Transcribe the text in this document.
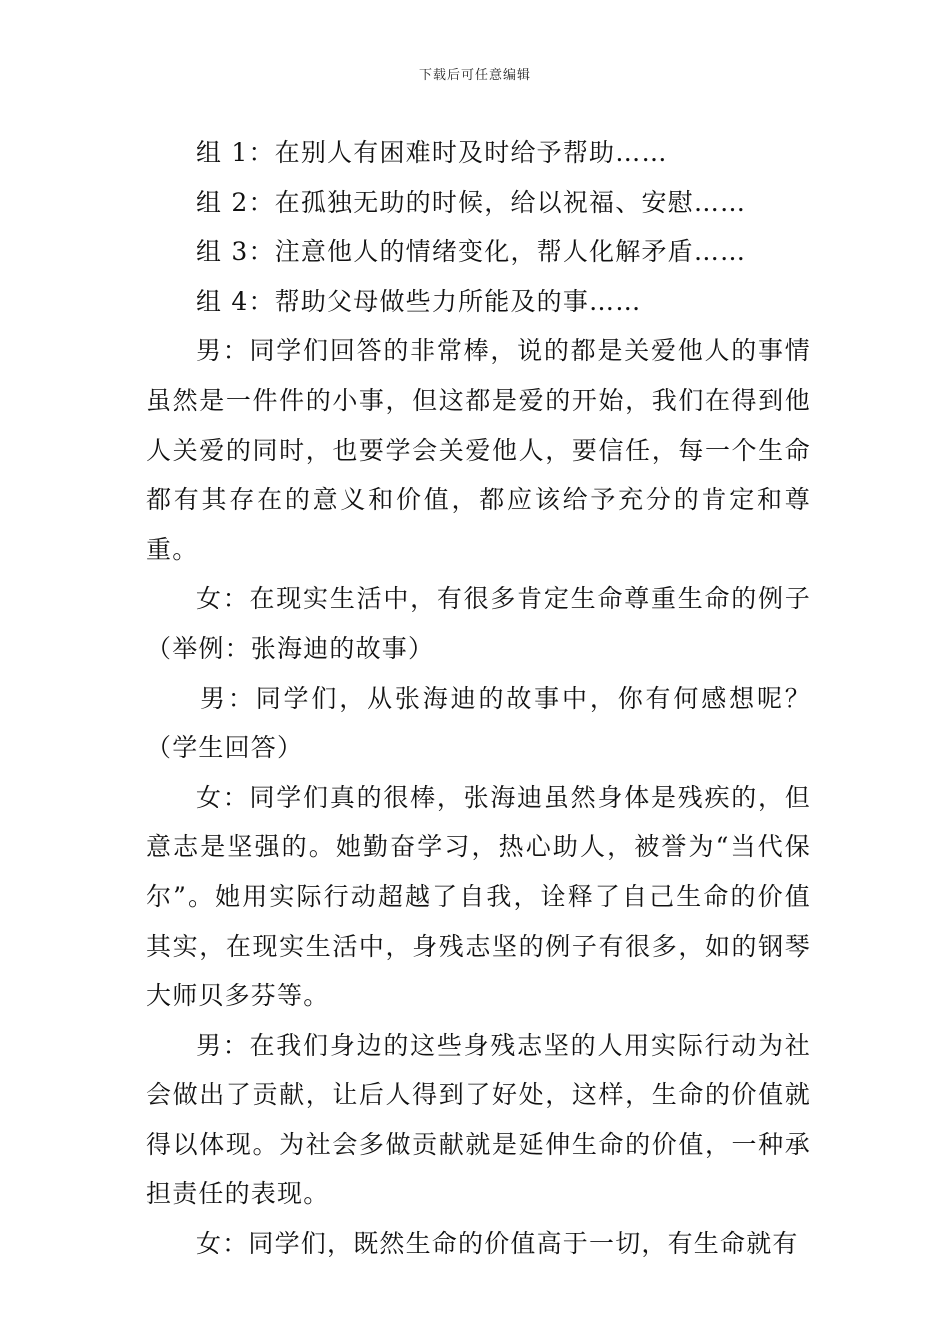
下载后可任意编辑

组 1：在别人有困难时及时给予帮助……

组 2：在孤独无助的时候，给以祝福、安慰……

组 3：注意他人的情绪变化，帮人化解矛盾……

组 4：帮助父母做些力所能及的事……

男：同学们回答的非常棒，说的都是关爱他人的事情虽然是一件件的小事，但这都是爱的开始，我们在得到他人关爱的同时，也要学会关爱他人，要信任，每一个生命都有其存在的意义和价值，都应该给予充分的肯定和尊重。

女：在现实生活中，有很多肯定生命尊重生命的例子（举例：张海迪的故事）

男：同学们，从张海迪的故事中，你有何感想呢？（学生回答）

女：同学们真的很棒，张海迪虽然身体是残疾的，但意志是坚强的。她勤奋学习，热心助人，被誉为“当代保尔”。她用实际行动超越了自我，诠释了自己生命的价值其实，在现实生活中，身残志坚的例子有很多，如的钢琴大师贝多芬等。

男：在我们身边的这些身残志坚的人用实际行动为社会做出了贡献，让后人得到了好处，这样，生命的价值就得以体现。为社会多做贡献就是延伸生命的价值，一种承担责任的表现。

女：同学们，既然生命的价值高于一切，有生命就有
